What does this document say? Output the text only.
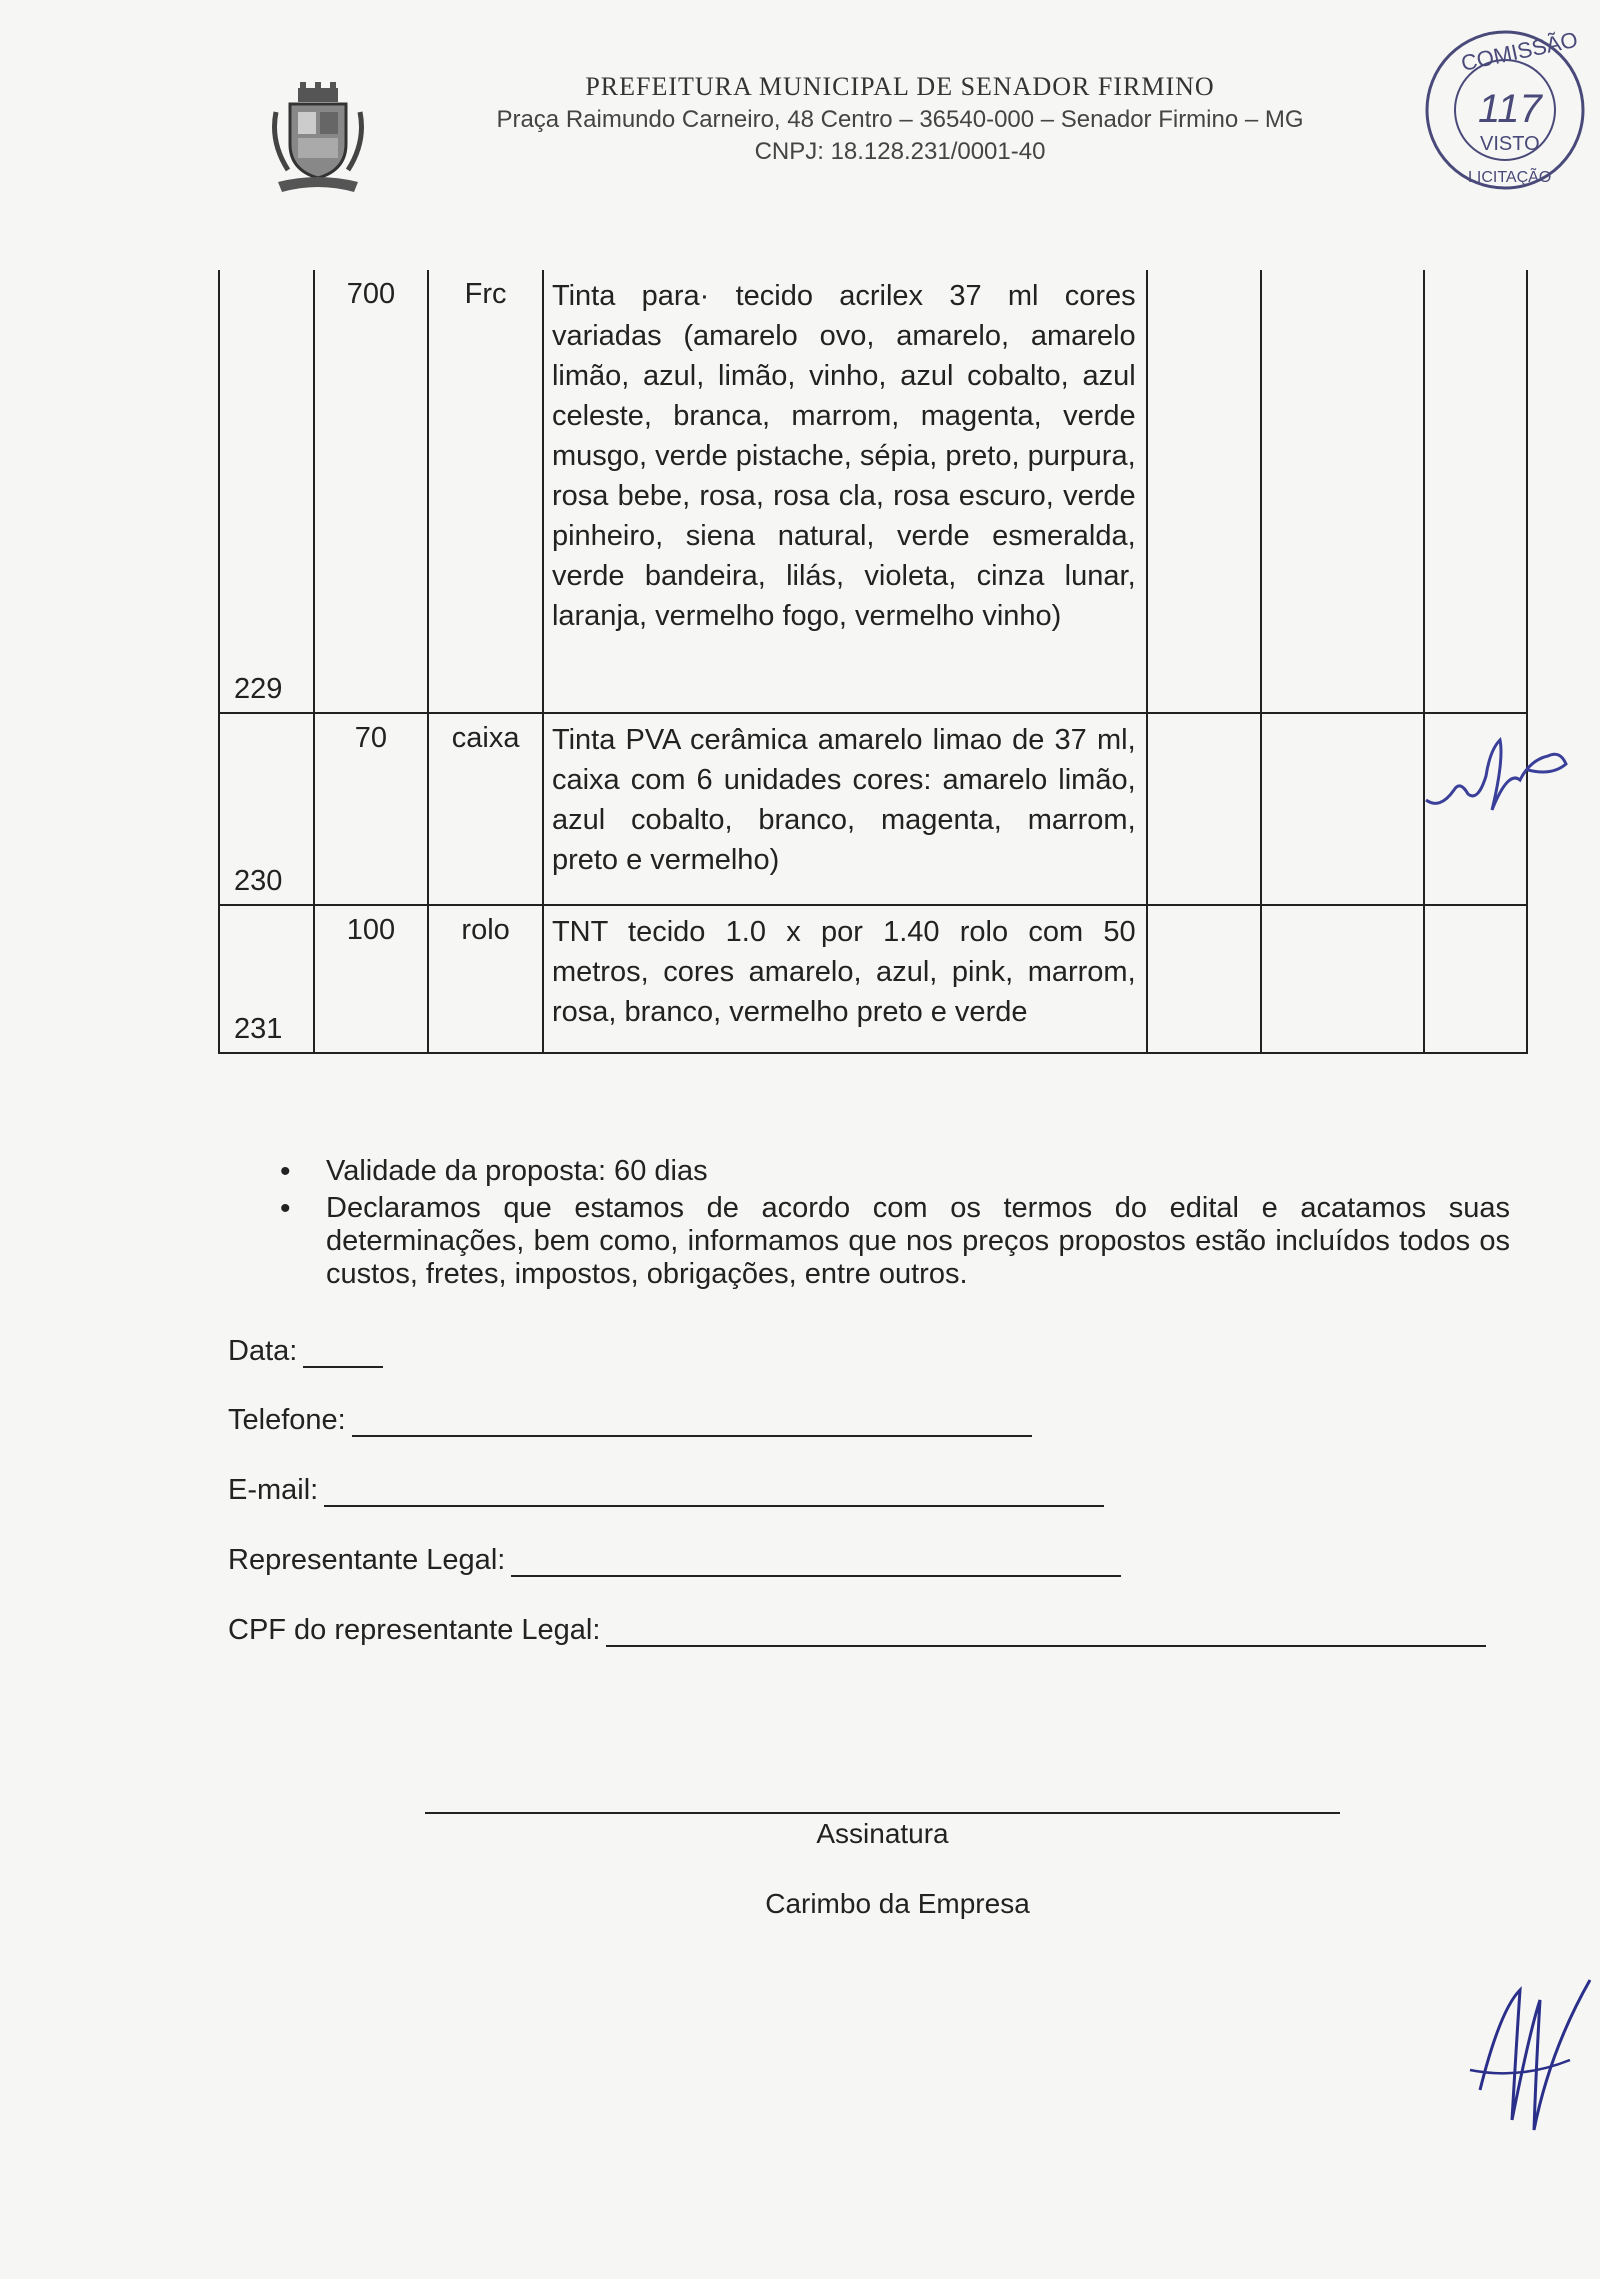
PREFEITURA MUNICIPAL DE SENADOR FIRMINO
Praça Raimundo Carneiro, 48 Centro – 36540-000 – Senador Firmino – MG
CNPJ: 18.128.231/0001-40
COMISSÃO
117
VISTO
LICITAÇÃO
229	700	Frc	Tinta para· tecido acrilex 37 ml cores variadas (amarelo ovo, amarelo, amarelo limão, azul, limão, vinho, azul cobalto, azul celeste, branca, marrom, magenta, verde musgo, verde pistache, sépia, preto, purpura, rosa bebe, rosa, rosa cla, rosa escuro, verde pinheiro, siena natural, verde esmeralda, verde bandeira, lilás, violeta, cinza lunar, laranja, vermelho fogo, vermelho vinho)			
230	70	caixa	Tinta PVA cerâmica amarelo limao de 37 ml, caixa com 6 unidades cores: amarelo limão, azul cobalto, branco, magenta, marrom, preto e vermelho)			
231	100	rolo	TNT tecido 1.0 x por 1.40 rolo com 50 metros, cores amarelo, azul, pink, marrom, rosa, branco, vermelho preto e verde			
• Validade da proposta: 60 dias
• Declaramos que estamos de acordo com os termos do edital e acatamos suas determinações, bem como, informamos que nos preços propostos estão incluídos todos os custos, fretes, impostos, obrigações, entre outros.
Data:
Telefone:
E-mail:
Representante Legal:
CPF do representante Legal:
Assinatura
Carimbo da Empresa
